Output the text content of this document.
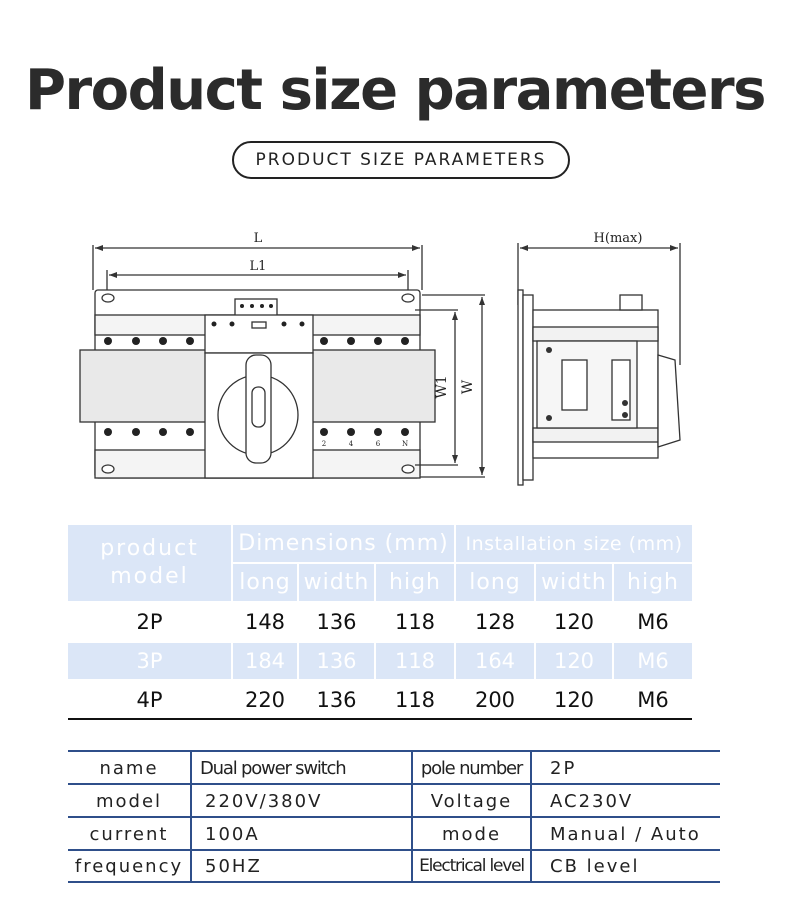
Product size parameters
PRODUCT SIZE PARAMETERS
2	4	6	N
L
L1
H(max)
W1 W
product
model
Dimensions (mm) Installation size (mm)
long width high	long width high
2P	148	136	118	128	120	M6
3P	184	136	118	164	120	M6
4P	220	136	118	200	120	M6
name	Dual power switch	pole number	2P
model	220V/380V	Voltage	AC230V
current	100A	mode	Manual / Auto
frequency	50HZ	Electrical level	CB level
